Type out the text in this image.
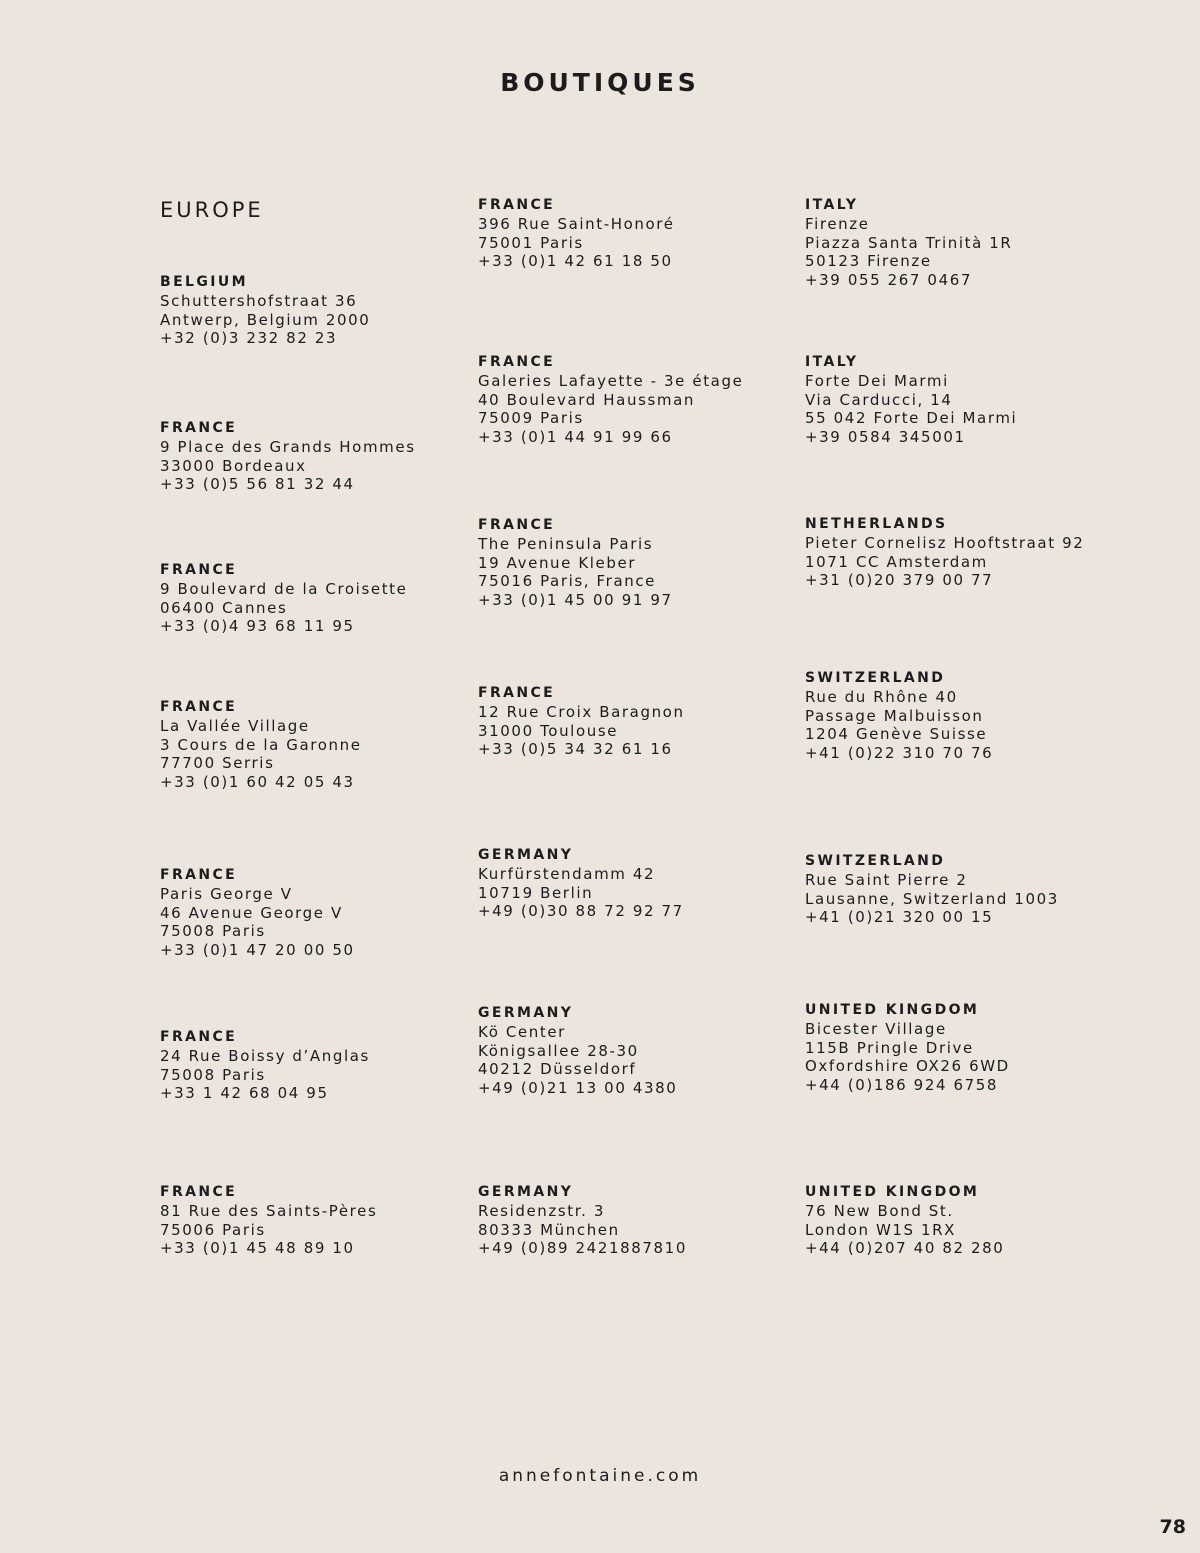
BOUTIQUES
EUROPE
BELGIUM
Schuttershofstraat 36
Antwerp, Belgium 2000
+32 (0)3 232 82 23
FRANCE
9 Place des Grands Hommes
33000 Bordeaux
+33 (0)5 56 81 32 44
FRANCE
9 Boulevard de la Croisette
06400 Cannes
+33 (0)4 93 68 11 95
FRANCE
La Vallée Village
3 Cours de la Garonne
77700 Serris
+33 (0)1 60 42 05 43
FRANCE
Paris George V
46 Avenue George V
75008 Paris
+33 (0)1 47 20 00 50
FRANCE
24 Rue Boissy d’Anglas
75008 Paris
+33 1 42 68 04 95
FRANCE
81 Rue des Saints-Pères
75006 Paris
+33 (0)1 45 48 89 10
FRANCE
396 Rue Saint-Honoré
75001 Paris
+33 (0)1 42 61 18 50
FRANCE
Galeries Lafayette - 3e étage
40 Boulevard Haussman
75009 Paris
+33 (0)1 44 91 99 66
FRANCE
The Peninsula Paris
19 Avenue Kleber
75016 Paris, France
+33 (0)1 45 00 91 97
FRANCE
12 Rue Croix Baragnon
31000 Toulouse
+33 (0)5 34 32 61 16
GERMANY
Kurfürstendamm 42
10719 Berlin
+49 (0)30 88 72 92 77
GERMANY
Kö Center
Königsallee 28-30
40212 Düsseldorf
+49 (0)21 13 00 4380
GERMANY
Residenzstr. 3
80333 München
+49 (0)89 2421887810
ITALY
Firenze
Piazza Santa Trinità 1R
50123 Firenze
+39 055 267 0467
ITALY
Forte Dei Marmi
Via Carducci, 14
55 042 Forte Dei Marmi
+39 0584 345001
NETHERLANDS
Pieter Cornelisz Hooftstraat 92
1071 CC Amsterdam
+31 (0)20 379 00 77
SWITZERLAND
Rue du Rhône 40
Passage Malbuisson
1204 Genève Suisse
+41 (0)22 310 70 76
SWITZERLAND
Rue Saint Pierre 2
Lausanne, Switzerland 1003
+41 (0)21 320 00 15
UNITED KINGDOM
Bicester Village
115B Pringle Drive
Oxfordshire OX26 6WD
+44 (0)186 924 6758
UNITED KINGDOM
76 New Bond St.
London W1S 1RX
+44 (0)207 40 82 280
annefontaine.com
78
